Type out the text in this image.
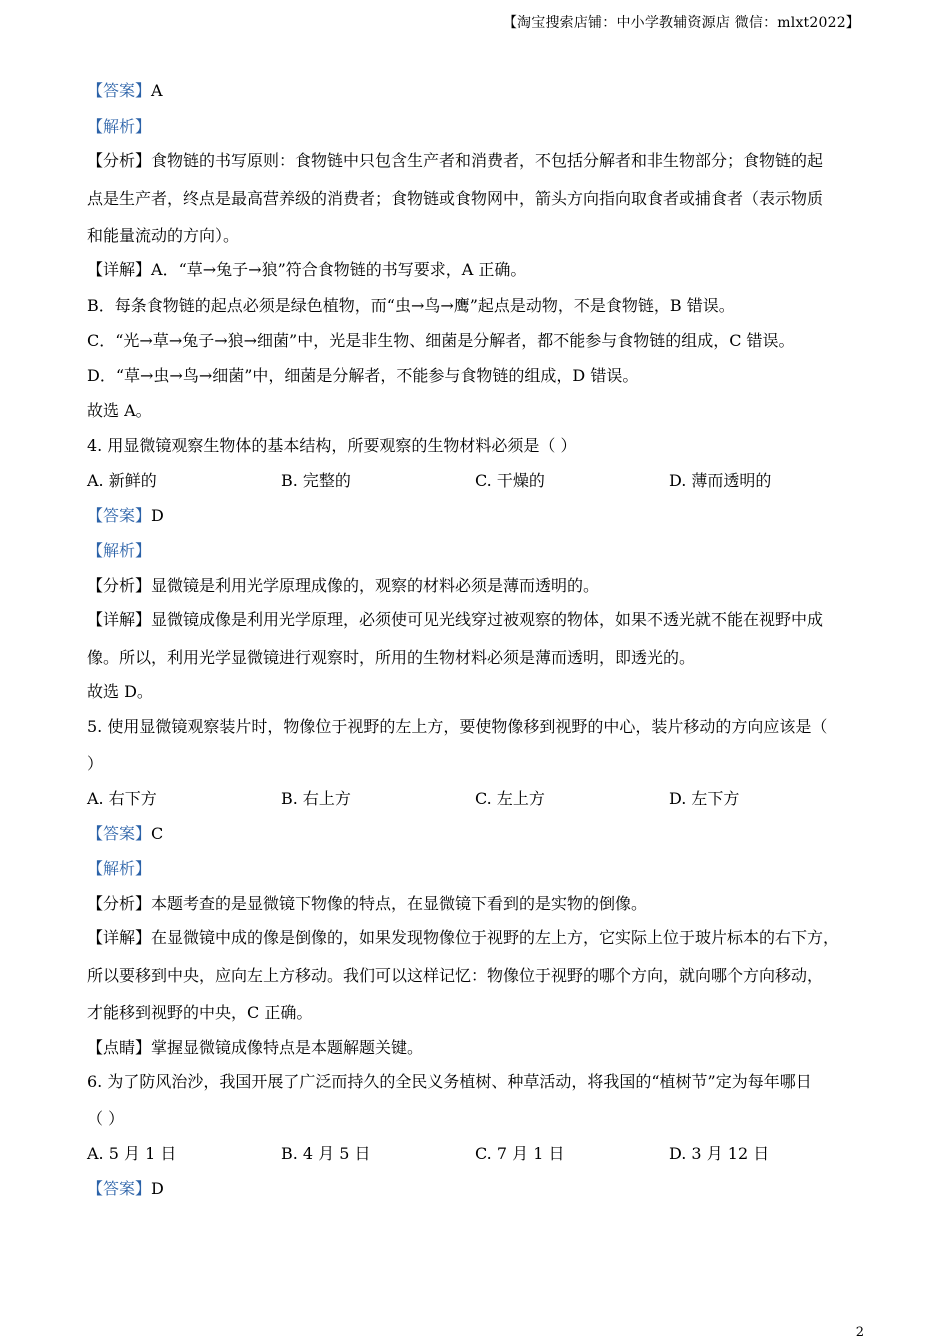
【淘宝搜索店铺：中小学教辅资源店 微信：mlxt2022】
【答案】A
【解析】
【分析】食物链的书写原则：食物链中只包含生产者和消费者，不包括分解者和非生物部分；食物链的起
点是生产者，终点是最高营养级的消费者；食物链或食物网中，箭头方向指向取食者或捕食者（表示物质
和能量流动的方向）。
【详解】A．“草→兔子→狼”符合食物链的书写要求，A 正确。
B．每条食物链的起点必须是绿色植物，而“虫→鸟→鹰”起点是动物，不是食物链，B 错误。
C．“光→草→兔子→狼→细菌”中，光是非生物、细菌是分解者，都不能参与食物链的组成，C 错误。
D．“草→虫→鸟→细菌”中，细菌是分解者，不能参与食物链的组成，D 错误。
故选 A。
4. 用显微镜观察生物体的基本结构，所要观察的生物材料必须是（ ）
A. 新鲜的	B. 完整的	C. 干燥的	D. 薄而透明的
【答案】D
【解析】
【分析】显微镜是利用光学原理成像的，观察的材料必须是薄而透明的。
【详解】显微镜成像是利用光学原理，必须使可见光线穿过被观察的物体，如果不透光就不能在视野中成
像。所以，利用光学显微镜进行观察时，所用的生物材料必须是薄而透明，即透光的。
故选 D。
5. 使用显微镜观察装片时，物像位于视野的左上方，要使物像移到视野的中心，装片移动的方向应该是（
）
A. 右下方	B. 右上方	C. 左上方	D. 左下方
【答案】C
【解析】
【分析】本题考查的是显微镜下物像的特点，在显微镜下看到的是实物的倒像。
【详解】在显微镜中成的像是倒像的，如果发现物像位于视野的左上方，它实际上位于玻片标本的右下方，
所以要移到中央，应向左上方移动。我们可以这样记忆：物像位于视野的哪个方向，就向哪个方向移动，
才能移到视野的中央，C 正确。
【点睛】掌握显微镜成像特点是本题解题关键。
6. 为了防风治沙，我国开展了广泛而持久的全民义务植树、种草活动，将我国的“植树节”定为每年哪日
（ ）
A. 5 月 1 日	B. 4 月 5 日	C. 7 月 1 日	D. 3 月 12 日
【答案】D
2
